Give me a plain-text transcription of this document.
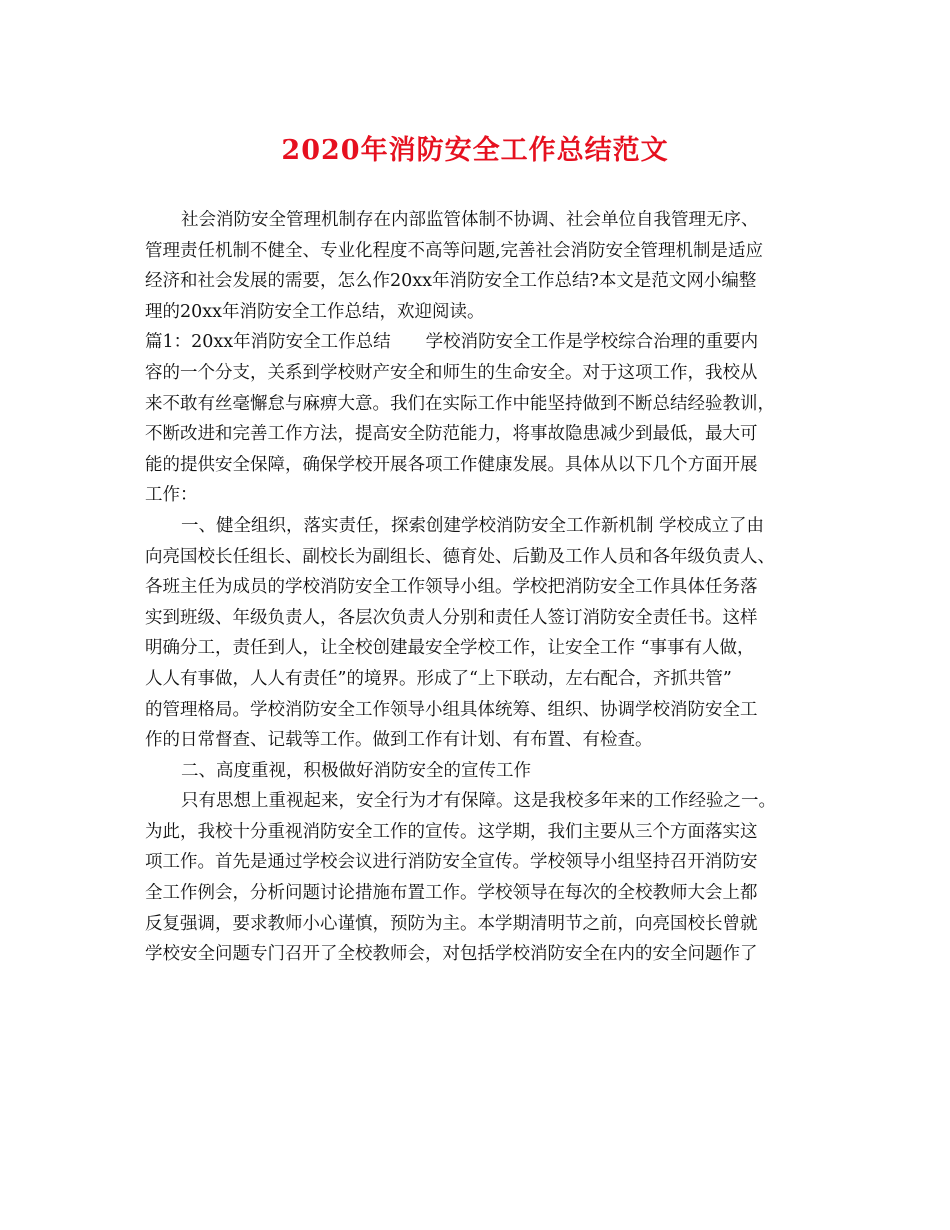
2020年消防安全工作总结范文
社会消防安全管理机制存在内部监管体制不协调、社会单位自我管理无序、
管理责任机制不健全、专业化程度不高等问题,完善社会消防安全管理机制是适应
经济和社会发展的需要，怎么作20xx年消防安全工作总结?本文是范文网小编整
理的20xx年消防安全工作总结，欢迎阅读。
篇1：20xx年消防安全工作总结　　学校消防安全工作是学校综合治理的重要内
容的一个分支，关系到学校财产安全和师生的生命安全。对于这项工作，我校从
来不敢有丝毫懈怠与麻痹大意。我们在实际工作中能坚持做到不断总结经验教训，
不断改进和完善工作方法，提高安全防范能力，将事故隐患减少到最低，最大可
能的提供安全保障，确保学校开展各项工作健康发展。具体从以下几个方面开展
工作：
一、健全组织，落实责任，探索创建学校消防安全工作新机制 学校成立了由
向亮国校长任组长、副校长为副组长、德育处、后勤及工作人员和各年级负责人、
各班主任为成员的学校消防安全工作领导小组。学校把消防安全工作具体任务落
实到班级、年级负责人，各层次负责人分别和责任人签订消防安全责任书。这样
明确分工，责任到人，让全校创建最安全学校工作，让安全工作 “事事有人做，
人人有事做，人人有责任”的境界。形成了“上下联动，左右配合，齐抓共管”
的管理格局。学校消防安全工作领导小组具体统筹、组织、协调学校消防安全工
作的日常督查、记载等工作。做到工作有计划、有布置、有检查。
二、高度重视，积极做好消防安全的宣传工作
只有思想上重视起来，安全行为才有保障。这是我校多年来的工作经验之一。
为此，我校十分重视消防安全工作的宣传。这学期，我们主要从三个方面落实这
项工作。首先是通过学校会议进行消防安全宣传。学校领导小组坚持召开消防安
全工作例会，分析问题讨论措施布置工作。学校领导在每次的全校教师大会上都
反复强调，要求教师小心谨慎，预防为主。本学期清明节之前，向亮国校长曾就
学校安全问题专门召开了全校教师会，对包括学校消防安全在内的安全问题作了
